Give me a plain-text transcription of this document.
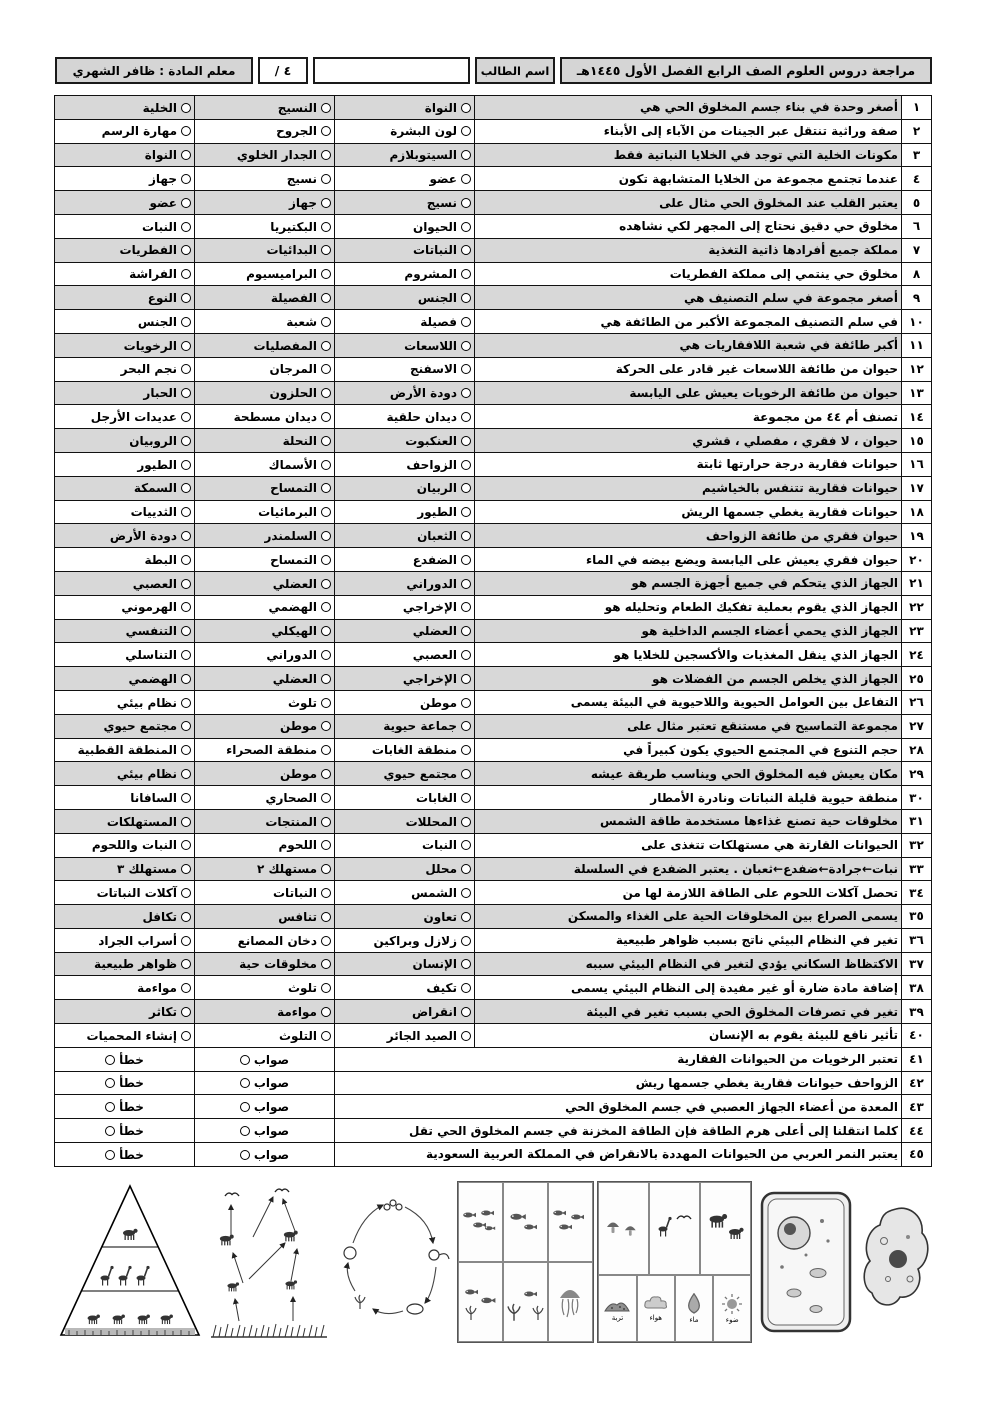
مراجعة دروس العلوم الصف الرابع الفصل الأول ١٤٤٥هـ
اسم الطالب
/ ٤
معلم المادة : ظافر الشهري
١	أصغر وحدة في بناء جسم المخلوق الحي هي	النواة	النسيج	الخلية

٢	صفة وراثية تنتقل عبر الجينات من الآباء إلى الأبناء	لون البشرة	الجروح	مهارة الرسم

٣	مكونات الخلية التي توجد في الخلايا النباتية فقط	السيتوبلازم	الجدار الخلوي	النواة

٤	عندما تجتمع مجموعة من الخلايا المتشابهة تكون	عضو	نسيج	جهاز

٥	يعتبر القلب عند المخلوق الحي مثال على	نسيج	جهاز	عضو

٦	مخلوق حي دقيق نحتاج إلى المجهر لكي نشاهده	الحيوان	البكتيريا	النبات

٧	مملكة جميع أفرادها ذاتية التغذية	النباتات	البدائيات	الفطريات

٨	مخلوق حي ينتمي إلى مملكة الفطريات	المشروم	البراميسيوم	الفراشة

٩	أصغر مجموعة في سلم التصنيف هي	الجنس	الفصيلة	النوع

١٠	في سلم التصنيف المجموعة الأكبر من الطائفة هي	فصيلة	شعبة	الجنس

١١	أكبر طائفة في شعبة اللافقاريات هي	اللاسعات	المفصليات	الرخويات

١٢	حيوان من طائفة اللاسعات غير قادر على الحركة	الاسفنج	المرجان	نجم البحر

١٣	حيوان من طائفة الرخويات يعيش على اليابسة	دودة الأرض	الحلزون	الحبار

١٤	تصنف أم ٤٤ من مجموعة	ديدان حلقية	ديدان مسطحة	عديدات الأرجل

١٥	حيوان ، لا فقري ، مفصلي ، قشري	العنكبوت	النحلة	الروبيان

١٦	حيوانات فقارية درجة حرارتها ثابتة	الزواحف	الأسماك	الطيور

١٧	حيوانات فقارية تتنفس بالخياشيم	الربيان	التمساح	السمكة

١٨	حيوانات فقارية يغطي جسمها الريش	الطيور	البرمائيات	الثدييات

١٩	حيوان فقري من طائفة الزواحف	الثعبان	السلمندر	دودة الأرض

٢٠	حيوان فقري يعيش على اليابسة ويضع بيضه في الماء	الضفدع	التمساح	البطة

٢١	الجهاز الذي يتحكم في جميع أجهزة الجسم هو	الدوراني	العضلي	العصبي

٢٢	الجهاز الذي يقوم بعملية تفكيك الطعام وتحليله هو	الإخراجي	الهضمي	الهرموني

٢٣	الجهاز الذي يحمي أعضاء الجسم الداخلية هو	العضلي	الهيكلي	التنفسي

٢٤	الجهاز الذي ينقل المغذيات والأكسجين للخلايا هو	العصبي	الدوراني	التناسلي

٢٥	الجهاز الذي يخلص الجسم من الفضلات هو	الإخراجي	العضلي	الهضمي

٢٦	التفاعل بين العوامل الحيوية واللاحيوية في البيئة يسمى	موطن	تلوث	نظام بيئي

٢٧	مجموعة التماسيح في مستنقع تعتبر مثال على	جماعة حيوية	موطن	مجتمع حيوي

٢٨	حجم التنوع في المجتمع الحيوي يكون كبيراً في	منطقة الغابات	منطقة الصحراء	المنطقة القطبية

٢٩	مكان يعيش فيه المخلوق الحي ويناسب طريقة عيشه	مجتمع حيوي	موطن	نظام بيئي

٣٠	منطقة حيوية قليلة النباتات ونادرة الأمطار	الغابات	الصحاري	السافانا

٣١	مخلوقات حية تصنع غذاءها مستخدمة طاقة الشمس	المحللات	المنتجات	المستهلكات

٣٢	الحيوانات القارتة هي مستهلكات تتغذى على	النبات	اللحوم	النبات واللحوم

٣٣	نبات←جرادة←ضفدع←ثعبان . يعتبر الضفدع في السلسلة	محلل	مستهلك ٢	مستهلك ٣

٣٤	تحصل آكلات اللحوم على الطاقة اللازمة لها من	الشمس	النباتات	آكلات النباتات

٣٥	يسمى الصراع بين المخلوقات الحية على الغذاء والمسكن	تعاون	تنافس	تكافل

٣٦	تغير في النظام البيئي ناتج بسبب ظواهر طبيعية	زلازل وبراكين	دخان المصانع	أسراب الجراد

٣٧	الاكتظاظ السكاني يؤدي لتغير في النظام البيئي سببه	الإنسان	مخلوقات حية	ظواهر طبيعية

٣٨	إضافة مادة ضارة أو غير مفيدة إلى النظام البيئي يسمى	تكيف	تلوث	مواءمة

٣٩	تغير في تصرفات المخلوق الحي بسبب تغير في البيئة	انقراض	مواءمة	تكاثر

٤٠	تأثير نافع للبيئة يقوم به الإنسان	الصيد الجائر	التلوث	إنشاء المحميات

٤١	تعتبر الرخويات من الحيوانات الفقارية		صواب	خطأ

٤٢	الزواحف حيوانات فقارية يغطي جسمها ريش		صواب	خطأ

٤٣	المعدة من أعضاء الجهاز العصبي في جسم المخلوق الحي		صواب	خطأ

٤٤	كلما انتقلنا إلى أعلى هرم الطاقة فإن الطاقة المخزنة في جسم المخلوق الحي تقل		صواب	خطأ

٤٥	يعتبر النمر العربي من الحيوانات المهددة بالانقراض في المملكة العربية السعودية		صواب	خطأ
ضوء
ماء
هواء
تربة
